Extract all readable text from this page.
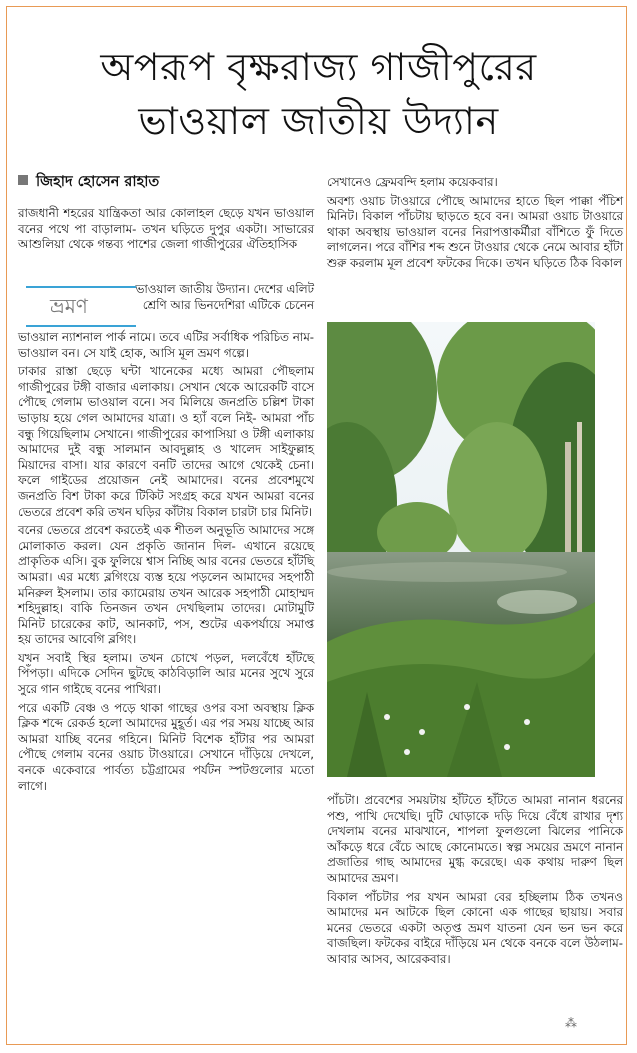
অপরূপ বৃক্ষরাজ্য গাজীপুরের
ভাওয়াল জাতীয় উদ্যান
জিহাদ হোসেন রাহাত

রাজধানী শহরের যান্ত্রিকতা আর কোলাহল ছেড়ে যখন ভাওয়াল বনের পথে পা বাড়ালাম- তখন ঘড়িতে দুপুর একটা। সাভারের আশুলিয়া থেকে গন্তব্য পাশের জেলা গাজীপুরের ঐতিহাসিক

ভ্রমণ
ভাওয়াল জাতীয় উদ্যান। দেশের এলিট শ্রেণি আর ভিনদেশিরা এটিকে চেনেন

ভাওয়াল ন্যাশনাল পার্ক নামে। তবে এটির সর্বাধিক পরিচিত নাম- ভাওয়াল বন। সে যাই হোক, আসি মূল ভ্রমণ গল্পে।

ঢাকার রাস্তা ছেড়ে ঘন্টা খানেকের মধ্যে আমরা পৌছলাম গাজীপুরের টঙ্গী বাজার এলাকায়। সেখান থেকে আরেকটি বাসে পৌছে গেলাম ভাওয়াল বনে। সব মিলিয়ে জনপ্রতি চল্লিশ টাকা ভাড়ায় হয়ে গেল আমাদের যাত্রা। ও হ্যাঁ বলে নিই- আমরা পাঁচ বন্ধু গিয়েছিলাম সেখানে। গাজীপুরের কাপাসিয়া ও টঙ্গী এলাকায় আমাদের দুই বন্ধু সালমান আবদুল্লাহ ও খালেদ সাইফুল্লাহ মিয়াদের বাসা। যার কারণে বনটি তাদের আগে থেকেই চেনা। ফলে গাইডের প্রয়োজন নেই আমাদের। বনের প্রবেশমুখে জনপ্রতি বিশ টাকা করে টিকিট সংগ্রহ করে যখন আমরা বনের ভেতরে প্রবেশ করি তখন ঘড়ির কাঁটায় বিকাল চারটা চার মিনিট।

বনের ভেতরে প্রবেশ করতেই এক শীতল অনুভূতি আমাদের সঙ্গে মোলাকাত করল। যেন প্রকৃতি জানান দিল- এখানে রয়েছে প্রাকৃতিক এসি। বুক ফুলিয়ে শ্বাস নিচ্ছি আর বনের ভেতরে হাঁটছি আমরা। এর মধ্যে ব্লগিংয়ে ব্যস্ত হয়ে পড়লেন আমাদের সহপাঠী মনিরুল ইসলাম। তার ক্যামেরায় তখন আরেক সহপাঠী মোহাম্মদ শহিদুল্লাহ। বাকি তিনজন তখন দেখছিলাম তাদের। মোটামুটি মিনিট চারেকের কাট, আনকাট, পস, শুটের একপর্যায়ে সমাপ্ত হয় তাদের আবেগি ব্লগিং।

যখন সবাই স্থির হলাম। তখন চোখে পড়ল, দলবেঁধে হাঁটছে পিঁপড়া। এদিকে সেদিন ছুটছে কাঠবিড়ালি আর মনের সুখে সুরে সুরে গান গাইছে বনের পাখিরা।

পরে একটি বেঞ্চ ও পড়ে থাকা গাছের ওপর বসা অবস্থায় ক্লিক ক্লিক শব্দে রেকর্ড হলো আমাদের মুহূর্ত। এর পর সময় যাচ্ছে আর আমরা যাচ্ছি বনের গহিনে। মিনিট বিশেক হাঁটার পর আমরা পৌছে গেলাম বনের ওয়াচ টাওয়ারে। সেখানে দাঁড়িয়ে দেখলে, বনকে একেবারে পার্বত্য চট্টগ্রামের পর্যটন স্পটগুলোর মতো লাগে।

সেখানেও ফ্রেমবন্দি হলাম কয়েকবার।

অবশ্য ওয়াচ টাওয়ারে পৌছে আমাদের হাতে ছিল পাক্কা পঁচিশ মিনিট। বিকাল পাঁচটায় ছাড়তে হবে বন। আমরা ওয়াচ টাওয়ারে থাকা অবস্থায় ভাওয়াল বনের নিরাপত্তাকর্মীরা বাঁশিতে ফুঁ দিতে লাগলেন। পরে বাঁশির শব্দ শুনে টাওয়ার থেকে নেমে আবার হাঁটা শুরু করলাম মূল প্রবেশ ফটকের দিকে। তখন ঘড়িতে ঠিক বিকাল

পাঁচটা। প্রবেশের সময়টায় হাঁটতে হাঁটতে আমরা নানান ধরনের পশু, পাখি দেখেছি। দুটি ঘোড়াকে দড়ি দিয়ে বেঁধে রাখার দৃশ্য দেখলাম বনের মাঝখানে, শাপলা ফুলগুলো ঝিলের পানিকে আঁকড়ে ধরে বেঁচে আছে কোনোমতে। স্বল্প সময়ের ভ্রমণে নানান প্রজাতির গাছ আমাদের মুগ্ধ করেছে। এক কথায় দারুণ ছিল আমাদের ভ্রমণ।

বিকাল পাঁচটার পর যখন আমরা বের হচ্ছিলাম ঠিক তখনও আমাদের মন আটকে ছিল কোনো এক গাছের ছায়ায়। সবার মনের ভেতরে একটা অতৃপ্ত ভ্রমণ যাতনা যেন ভন ভন করে বাজছিল। ফটকের বাইরে দাঁড়িয়ে মন থেকে বনকে বলে উঠলাম- আবার আসব, আরেকবার।

⁂
